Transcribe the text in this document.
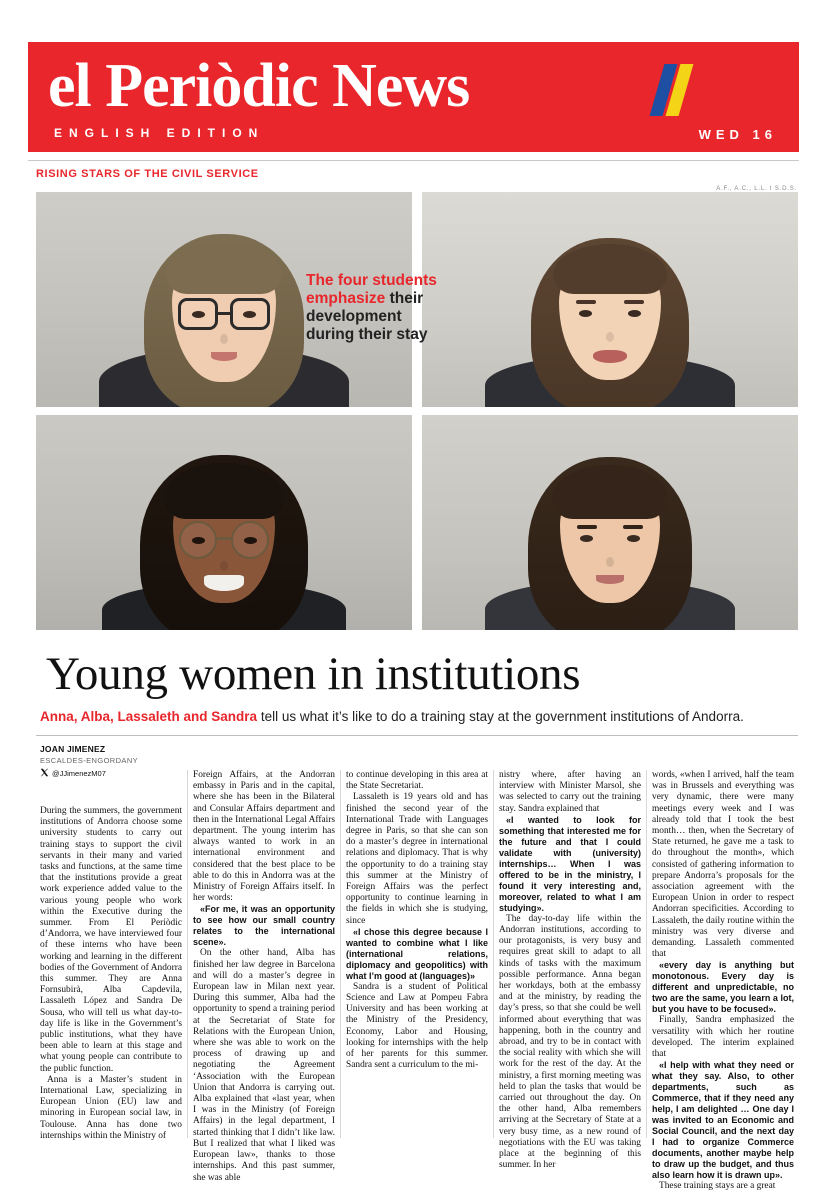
el Periòdic News
ENGLISH EDITION	WED 16
RISING STARS OF THE CIVIL SERVICE
A.F., A.C., L.L. I S.D.S.
Young women in institutions
Anna, Alba, Lassaleth and Sandra tell us what it’s like to do a training stay at the government institutions of Andorra.
JOAN JIMENEZ
ESCALDES-ENGORDANY
@JJimenezM07

During the summers, the government institutions of Andorra choose some university students to carry out training stays to support the civil servants in their many and varied tasks and functions, at the same time that the institutions provide a great work experience added value to the various young people who work within the Executive during the summer. From El Periòdic d’Andorra, we have interviewed four of these interns who have been working and learning in the different bodies of the Government of Andorra this summer. They are Anna Fornsubirà, Alba Capdevila, Lassaleth López and Sandra De Sousa, who will tell us what day-to-day life is like in the Government’s public institutions, what they have been able to learn at this stage and what young people can contribute to the public function.

Anna is a Master’s student in International Law, specializing in European Union (EU) law and minoring in European social law, in Toulouse. Anna has done two internships within the Ministry of

Foreign Affairs, at the Andorran embassy in Paris and in the capital, where she has been in the Bilateral and Consular Affairs department and then in the International Legal Affairs department. The young interim has always wanted to work in an international environment and considered that the best place to be able to do this in Andorra was at the Ministry of Foreign Affairs itself. In her words:

«For me, it was an opportunity to see how our small country relates to the international scene».

On the other hand, Alba has finished her law degree in Barcelona and will do a master’s degree in European law in Milan next year. During this summer, Alba had the opportunity to spend a training period at the Secretariat of State for Relations with the European Union, where she was able to work on the process of drawing up and negotiating the Agreement ‘Association with the European Union that Andorra is carrying out. Alba explained that «last year, when I was in the Ministry (of Foreign Affairs) in the legal department, I started thinking that I didn’t like law. But I realized that what I liked was European law», thanks to those internships. And this past summer, she was able

to continue developing in this area at the State Secretariat.

Lassaleth is 19 years old and has finished the second year of the International Trade with Languages degree in Paris, so that she can son do a master’s degree in international relations and diplomacy. That is why the opportunity to do a training stay this summer at the Ministry of Foreign Affairs was the perfect opportunity to continue learning in the fields in which she is studying, since

«I chose this degree because I wanted to combine what I like (international relations, diplomacy and geopolitics) with what I’m good at (languages)»

Sandra is a student of Political Science and Law at Pompeu Fabra University and has been working at the Ministry of the Presidency, Economy, Labor and Housing, looking for internships with the help of her parents for this summer. Sandra sent a curriculum to the mi-

nistry where, after having an interview with Minister Marsol, she was selected to carry out the training stay. Sandra explained that

«I wanted to look for something that interested me for the future and that I could validate with (university) internships… When I was offered to be in the ministry, I found it very interesting and, moreover, related to what I am studying».

The day-to-day life within the Andorran institutions, according to our protagonists, is very busy and requires great skill to adapt to all kinds of tasks with the maximum possible performance. Anna began her workdays, both at the embassy and at the ministry, by reading the day’s press, so that she could be well informed about everything that was happening, both in the country and abroad, and try to be in contact with the social reality with which she will work for the rest of the day. At the ministry, a first morning meeting was held to plan the tasks that would be carried out throughout the day. On the other hand, Alba remembers arriving at the Secretary of State at a very busy time, as a new round of negotiations with the EU was taking place at the beginning of this summer. In her

words, «when I arrived, half the team was in Brussels and everything was very dynamic, there were many meetings every week and I was already told that I took the best month… then, when the Secretary of State returned, he gave me a task to do throughout the month», which consisted of gathering information to prepare Andorra’s proposals for the association agreement with the European Union in order to respect Andorran specificities. According to Lassaleth, the daily routine within the ministry was very diverse and demanding. Lassaleth commented that

«every day is anything but monotonous. Every day is different and unpredictable, no two are the same, you learn a lot, but you have to be focused».

Finally, Sandra emphasized the versatility with which her routine developed. The interim explained that

«I help with what they need or what they say. Also, to other departments, such as Commerce, that if they need any help, I am delighted … One day I was invited to an Economic and Social Council, and the next day I had to organize Commerce documents, another maybe help to draw up the budget, and thus also learn how it is drawn up».

These training stays are a great

The four students emphasize their development during their stay
